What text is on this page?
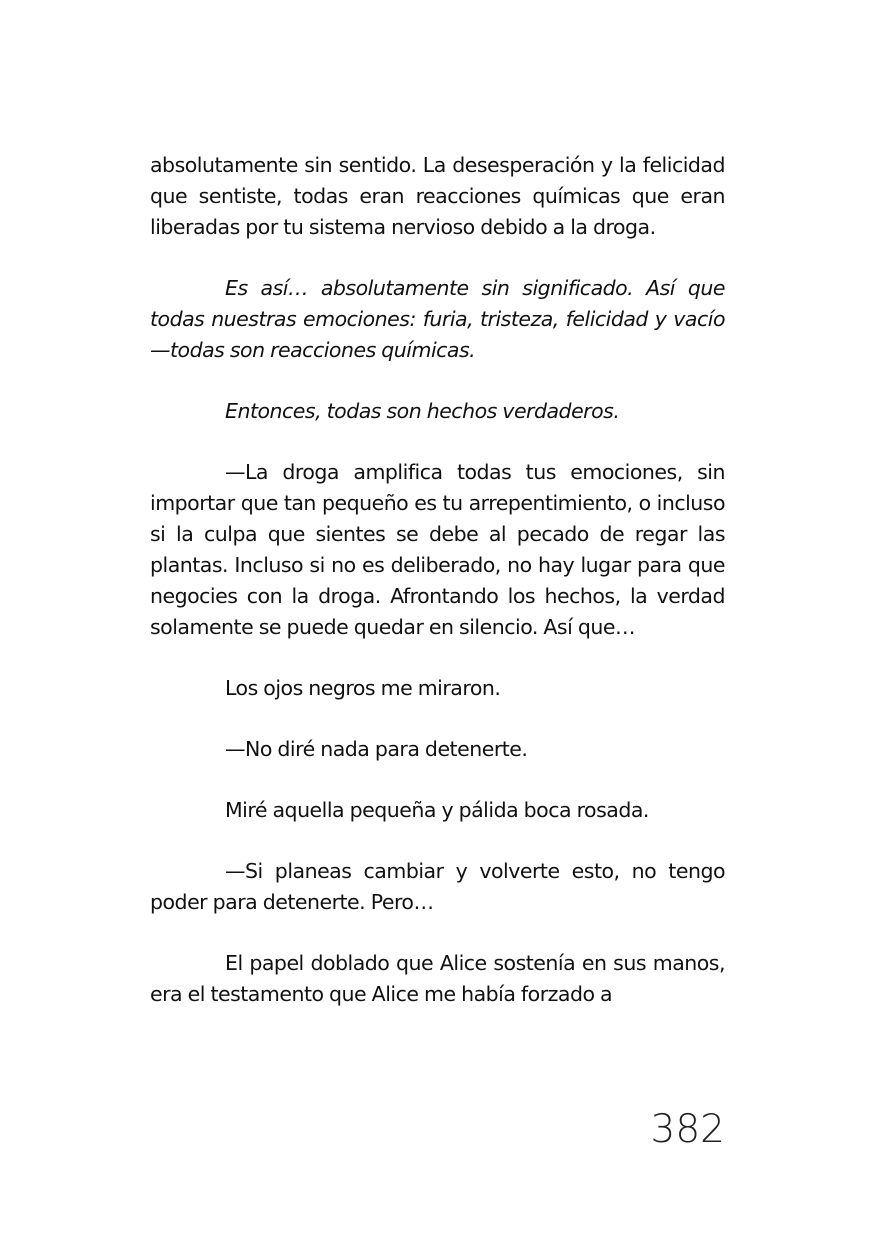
absolutamente sin sentido. La desesperación y la felicidad que sentiste, todas eran reacciones químicas que eran liberadas por tu sistema nervioso debido a la droga.

Es así… absolutamente sin significado. Así que todas nuestras emociones: furia, tristeza, felicidad y vacío—todas son reacciones químicas.

Entonces, todas son hechos verdaderos.

—La droga amplifica todas tus emociones, sin importar que tan pequeño es tu arrepentimiento, o incluso si la culpa que sientes se debe al pecado de regar las plantas. Incluso si no es deliberado, no hay lugar para que negocies con la droga. Afrontando los hechos, la verdad solamente se puede quedar en silencio. Así que…

Los ojos negros me miraron.

—No diré nada para detenerte.

Miré aquella pequeña y pálida boca rosada.

—Si planeas cambiar y volverte esto, no tengo poder para detenerte. Pero…

El papel doblado que Alice sostenía en sus manos, era el testamento que Alice me había forzado a

382
